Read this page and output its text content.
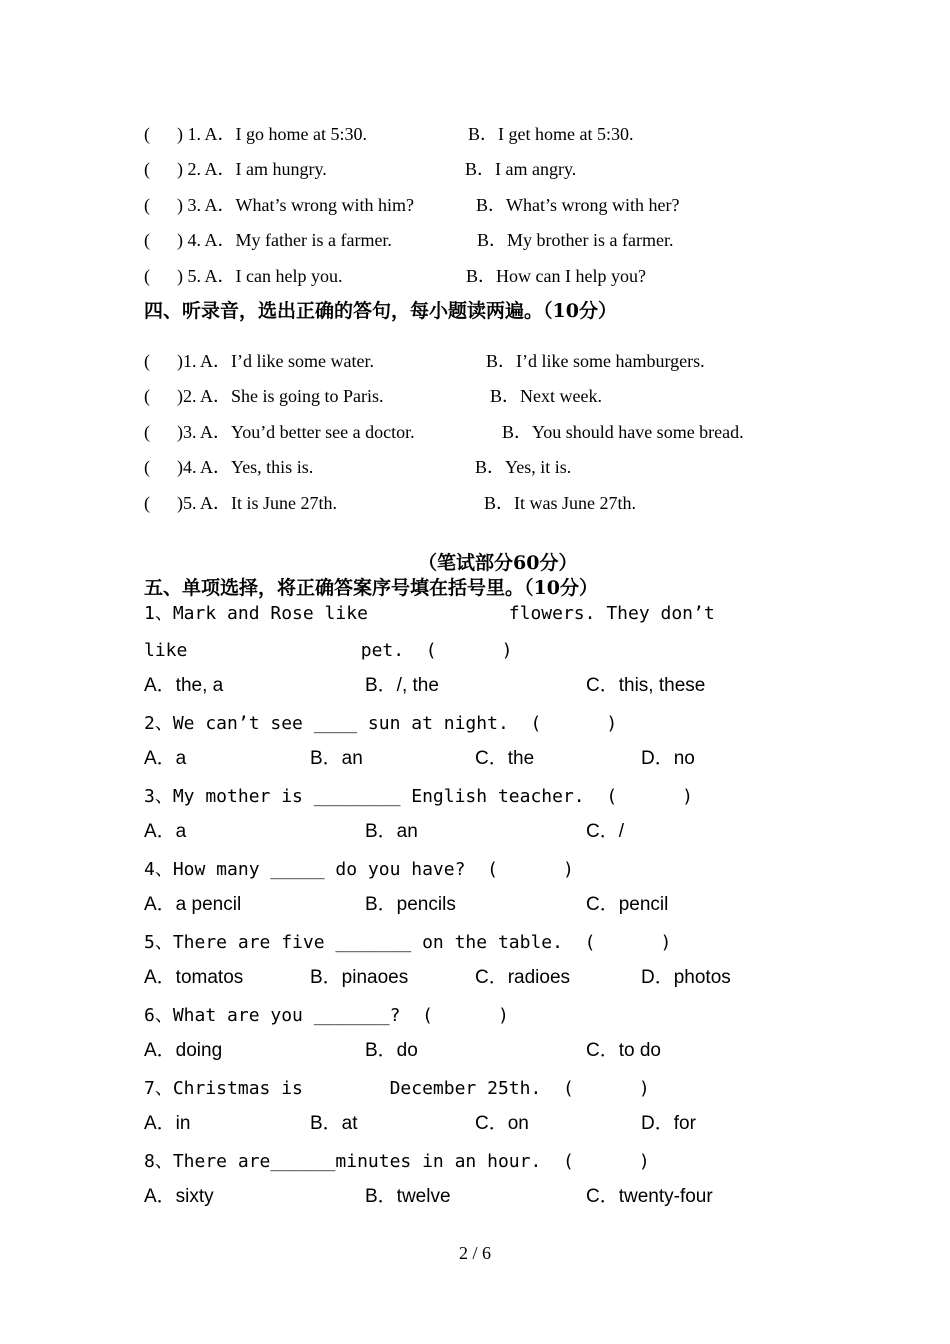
(      ) 1. A．I go home at 5:30.	B．I get home at 5:30.
(      ) 2. A．I am hungry.	B．I am angry.
(      ) 3. A．What’s wrong with him?	B．What’s wrong with her?
(      ) 4. A．My father is a farmer.	B．My brother is a farmer.
(      ) 5. A．I can help you.	B．How can I help you?
四、听录音，选出正确的答句，每小题读两遍。（10分）
(      )1. A．I’d like some water.	B．I’d like some hamburgers.
(      )2. A．She is going to Paris.	B．Next week.
(      )3. A．You’d better see a doctor.	B．You should have some bread.
(      )4. A．Yes, this is.	B．Yes, it is.
(      )5. A．It is June 27th.	B．It was June 27th.
（笔试部分60分）
五、单项选择，将正确答案序号填在括号里。（10分）
1、Mark and Rose like             flowers. They don’t
like                pet.  (      )
A．the, a	B．/, the	C．this, these
2、We can’t see ____ sun at night.  (      )
A．a	B．an	C．the	D．no
3、My mother is ________ English teacher.  (      )
A．a	B．an	C．/
4、How many _____ do you have?  (      )
A．a pencil	B．pencils	C．pencil
5、There are five _______ on the table.  (      )
A．tomatos	B．pinaoes	C．radioes	D．photos
6、What are you _______?  (      )
A．doing	B．do	C．to do
7、Christmas is        December 25th.  (      )
A．in	B．at	C．on	D．for
8、There are______minutes in an hour.  (      )
A．sixty	B．twelve	C．twenty-four
2 / 6
